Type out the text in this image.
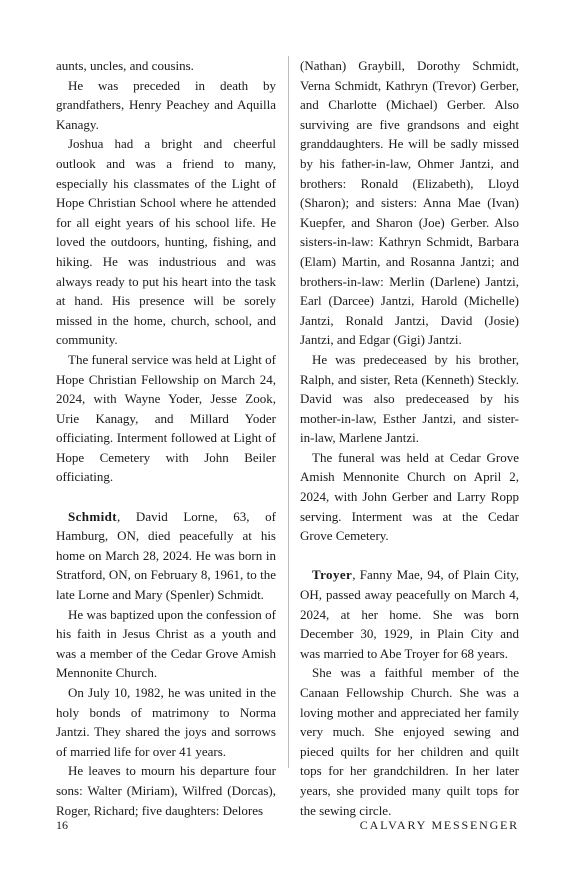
aunts, uncles, and cousins.

He was preceded in death by grandfathers, Henry Peachey and Aquilla Kanagy.

Joshua had a bright and cheerful outlook and was a friend to many, especially his classmates of the Light of Hope Christian School where he attended for all eight years of his school life. He loved the outdoors, hunting, fishing, and hiking. He was industrious and was always ready to put his heart into the task at hand. His presence will be sorely missed in the home, church, school, and community.

The funeral service was held at Light of Hope Christian Fellowship on March 24, 2024, with Wayne Yoder, Jesse Zook, Urie Kanagy, and Millard Yoder officiating. Interment followed at Light of Hope Cemetery with John Beiler officiating.

Schmidt, David Lorne, 63, of Hamburg, ON, died peacefully at his home on March 28, 2024. He was born in Stratford, ON, on February 8, 1961, to the late Lorne and Mary (Spenler) Schmidt.

He was baptized upon the confession of his faith in Jesus Christ as a youth and was a member of the Cedar Grove Amish Mennonite Church.

On July 10, 1982, he was united in the holy bonds of matrimony to Norma Jantzi. They shared the joys and sorrows of married life for over 41 years.

He leaves to mourn his departure four sons: Walter (Miriam), Wilfred (Dorcas), Roger, Richard; five daughters: Delores

(Nathan) Graybill, Dorothy Schmidt, Verna Schmidt, Kathryn (Trevor) Gerber, and Charlotte (Michael) Gerber. Also surviving are five grandsons and eight granddaughters. He will be sadly missed by his father-in-law, Ohmer Jantzi, and brothers: Ronald (Elizabeth), Lloyd (Sharon); and sisters: Anna Mae (Ivan) Kuepfer, and Sharon (Joe) Gerber. Also sisters-in-law: Kathryn Schmidt, Barbara (Elam) Martin, and Rosanna Jantzi; and brothers-in-law: Merlin (Darlene) Jantzi, Earl (Darcee) Jantzi, Harold (Michelle) Jantzi, Ronald Jantzi, David (Josie) Jantzi, and Edgar (Gigi) Jantzi.

He was predeceased by his brother, Ralph, and sister, Reta (Kenneth) Steckly. David was also predeceased by his mother-in-law, Esther Jantzi, and sister-in-law, Marlene Jantzi.

The funeral was held at Cedar Grove Amish Mennonite Church on April 2, 2024, with John Gerber and Larry Ropp serving. Interment was at the Cedar Grove Cemetery.

Troyer, Fanny Mae, 94, of Plain City, OH, passed away peacefully on March 4, 2024, at her home. She was born December 30, 1929, in Plain City and was married to Abe Troyer for 68 years.

She was a faithful member of the Canaan Fellowship Church. She was a loving mother and appreciated her family very much. She enjoyed sewing and pieced quilts for her children and quilt tops for her grandchildren. In her later years, she provided many quilt tops for the sewing circle.

16	CALVARY MESSENGER
